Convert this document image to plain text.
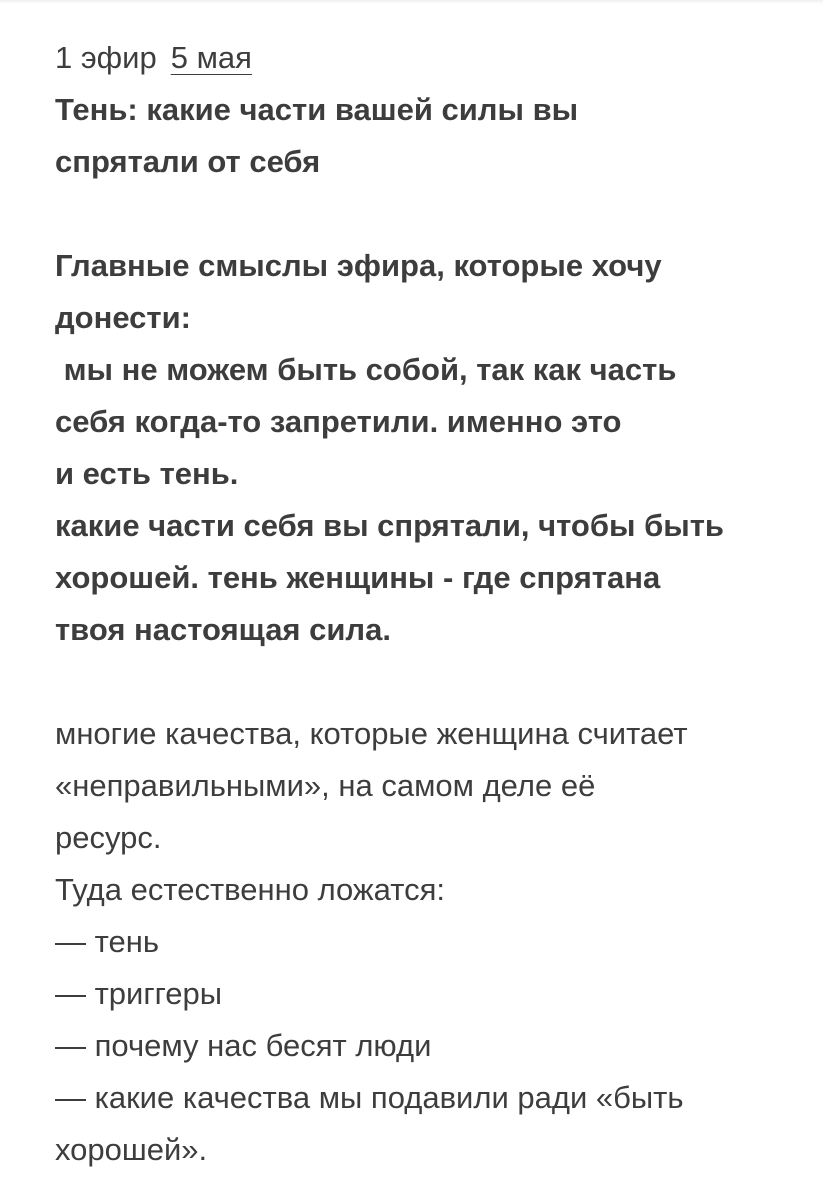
1 эфир 5 мая
Тень: какие части вашей силы вы
спрятали от себя
Главные смыслы эфира, которые хочу
донести:
мы не можем быть собой, так как часть
себя когда-то запретили. именно это
и есть тень.
какие части себя вы спрятали, чтобы быть
хорошей. тень женщины - где спрятана
твоя настоящая сила.
многие качества, которые женщина считает
«неправильными», на самом деле её
ресурс.
Туда естественно ложатся:
— тень
— триггеры
— почему нас бесят люди
— какие качества мы подавили ради «быть
хорошей».
